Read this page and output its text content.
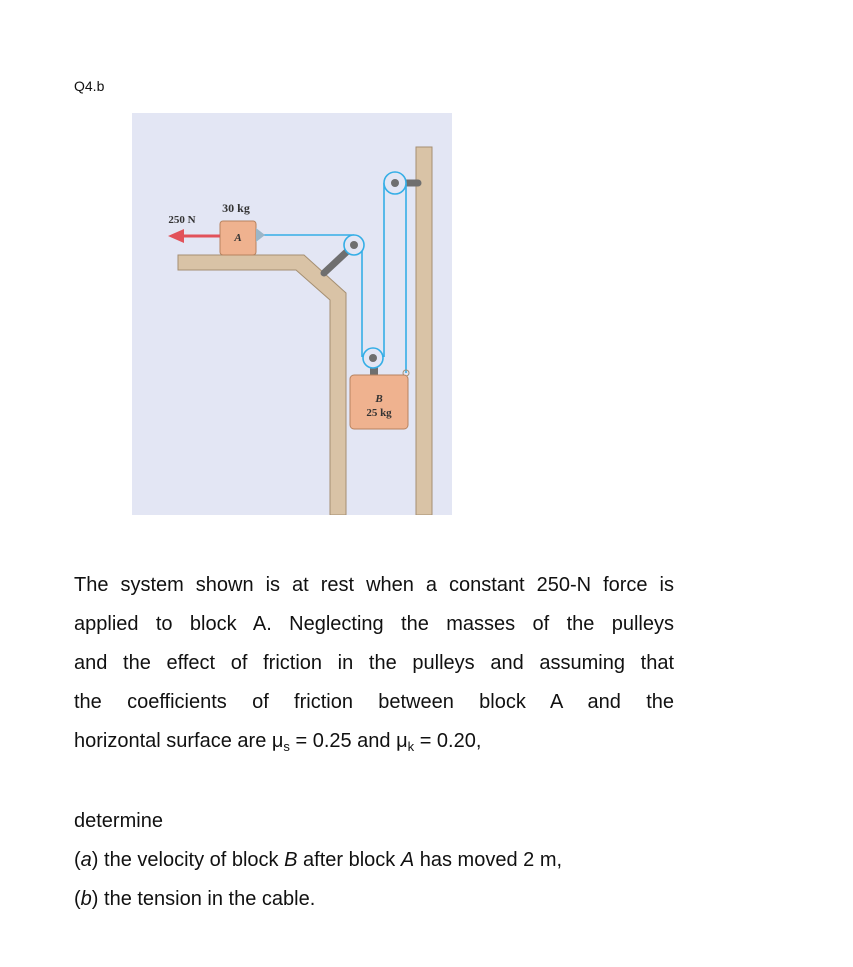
Q4.b
B
25 kg
A
30 kg
250 N
The system shown is at rest when a constant 250-N force is
applied to block A. Neglecting the masses of the pulleys
and the effect of friction in the pulleys and assuming that
the coefficients of friction between block A and the
horizontal surface are $\mu_s = 0.25$ and $\mu_k = 0.20$,
determine
(a) the velocity of block B after block A has moved 2 m,
(b) the tension in the cable.
